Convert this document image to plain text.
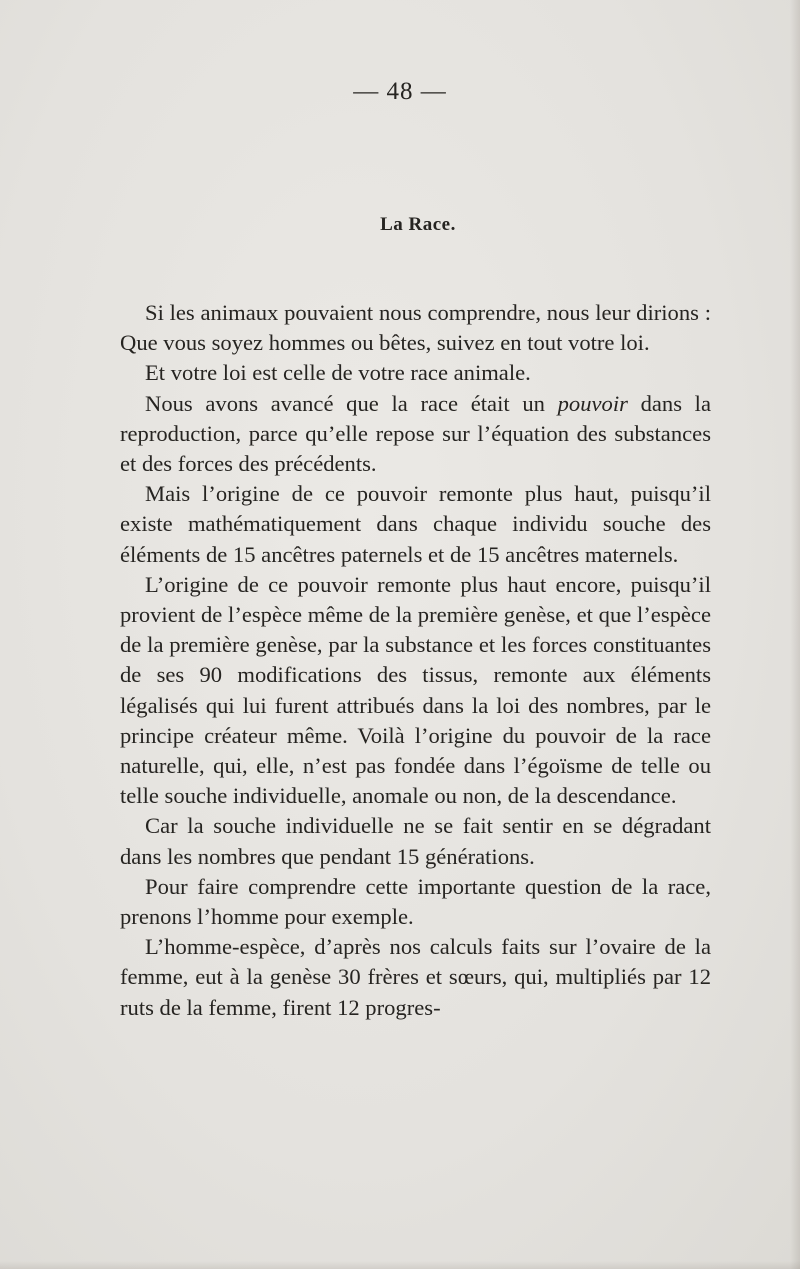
— 48 —
La Race.

Si les animaux pouvaient nous comprendre, nous leur dirions : Que vous soyez hommes ou bêtes, suivez en tout votre loi.

Et votre loi est celle de votre race animale.

Nous avons avancé que la race était un pouvoir dans la reproduction, parce qu’elle repose sur l’équation des substances et des forces des précédents.

Mais l’origine de ce pouvoir remonte plus haut, puisqu’il existe mathématiquement dans chaque individu souche des éléments de 15 ancêtres paternels et de 15 ancêtres maternels.

L’origine de ce pouvoir remonte plus haut encore, puisqu’il provient de l’espèce même de la première genèse, et que l’espèce de la première genèse, par la substance et les forces constituantes de ses 90 modifications des tissus, remonte aux éléments légalisés qui lui furent attribués dans la loi des nombres, par le principe créateur même. Voilà l’origine du pouvoir de la race naturelle, qui, elle, n’est pas fondée dans l’égoïsme de telle ou telle souche individuelle, anomale ou non, de la descendance.

Car la souche individuelle ne se fait sentir en se dégradant dans les nombres que pendant 15 générations.

Pour faire comprendre cette importante question de la race, prenons l’homme pour exemple.

L’homme-espèce, d’après nos calculs faits sur l’ovaire de la femme, eut à la genèse 30 frères et sœurs, qui, multipliés par 12 ruts de la femme, firent 12 progres-
